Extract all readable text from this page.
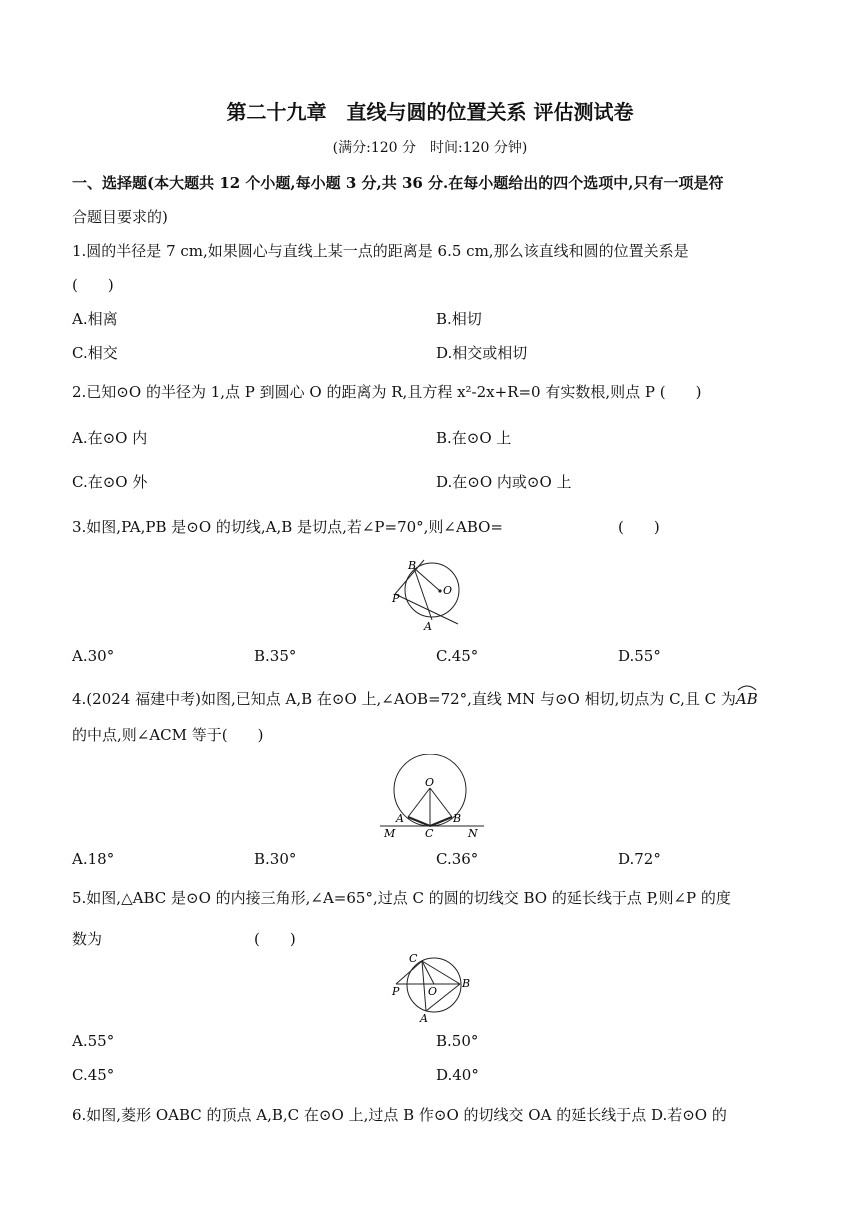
第二十九章　直线与圆的位置关系 评估测试卷
(满分:120 分　时间:120 分钟)
一、选择题(本大题共 12 个小题,每小题 3 分,共 36 分.在每小题给出的四个选项中,只有一项是符
合题目要求的)
1.圆的半径是 7 cm,如果圆心与直线上某一点的距离是 6.5 cm,那么该直线和圆的位置关系是
(　　)
A.相离	B.相切
C.相交	D.相交或相切
2.已知⊙O 的半径为 1,点 P 到圆心 O 的距离为 R,且方程 x²-2x+R=0 有实数根,则点 P (　　)
A.在⊙O 内	B.在⊙O 上
C.在⊙O 外	D.在⊙O 内或⊙O 上
3.如图,PA,PB 是⊙O 的切线,A,B 是切点,若∠P=70°,则∠ABO=	(　　)
B
P
O
A
A.30°	B.35°	C.45°	D.55°
4.(2024 福建中考)如图,已知点 A,B 在⊙O 上,∠AOB=72°,直线 MN 与⊙O 相切,切点为 C,且 C 为
AB
的中点,则∠ACM 等于(　　)
O
A	B
M	C	N
A.18°	B.30°	C.36°	D.72°
5.如图,△ABC 是⊙O 的内接三角形,∠A=65°,过点 C 的圆的切线交 BO 的延长线于点 P,则∠P 的度
数为	(　　)
C
P	O
B
A
A.55°	B.50°
C.45°	D.40°
6.如图,菱形 OABC 的顶点 A,B,C 在⊙O 上,过点 B 作⊙O 的切线交 OA 的延长线于点 D.若⊙O 的
